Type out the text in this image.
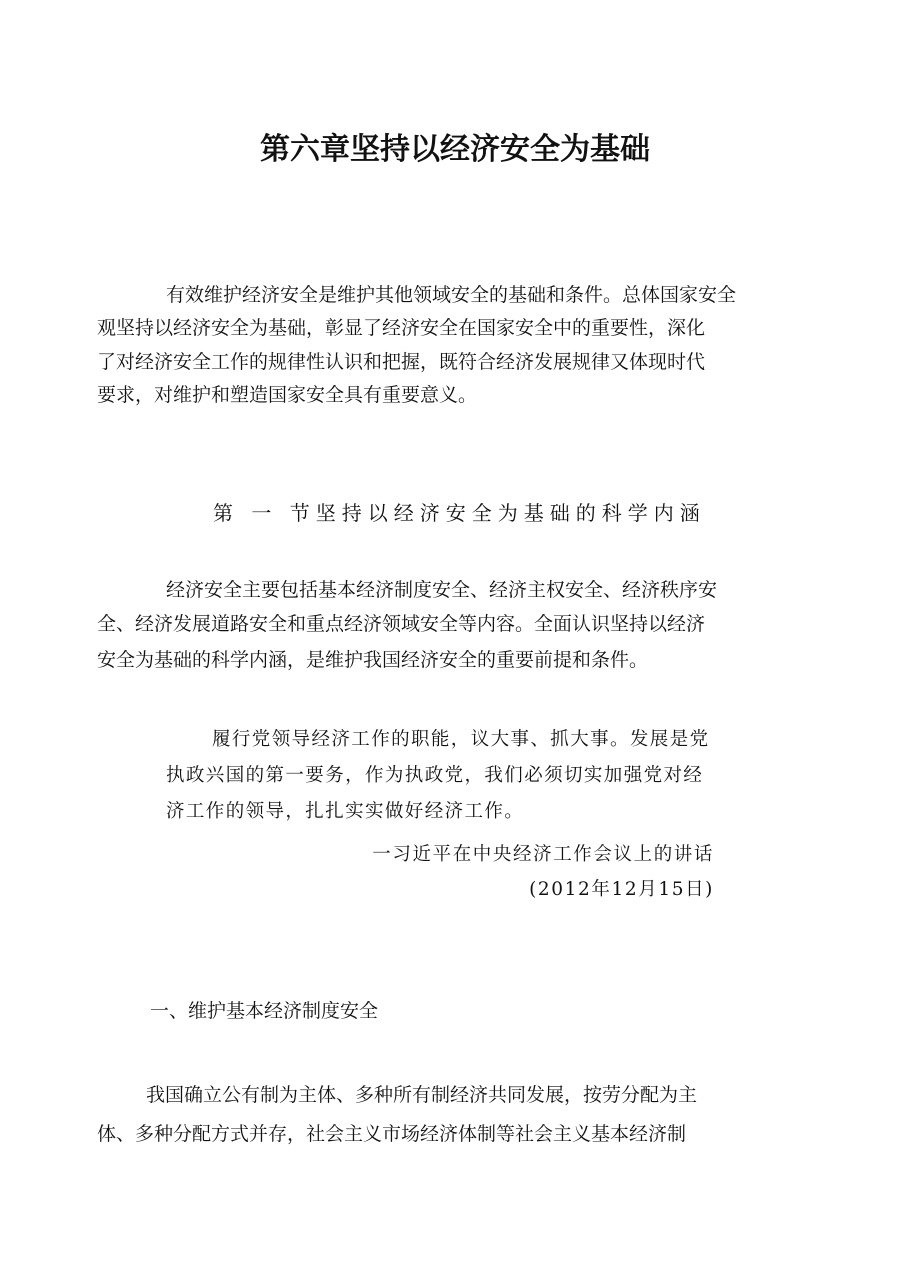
第六章坚持以经济安全为基础
有效维护经济安全是维护其他领域安全的基础和条件。总体国家安全
观坚持以经济安全为基础，彰显了经济安全在国家安全中的重要性，深化
了对经济安全工作的规律性认识和把握，既符合经济发展规律又体现时代
要求，对维护和塑造国家安全具有重要意义。
第 一 节坚持以经济安全为基础的科学内涵
经济安全主要包括基本经济制度安全、经济主权安全、经济秩序安
全、经济发展道路安全和重点经济领域安全等内容。全面认识坚持以经济
安全为基础的科学内涵，是维护我国经济安全的重要前提和条件。
履行党领导经济工作的职能，议大事、抓大事。发展是党
执政兴国的第一要务，作为执政党，我们必须切实加强党对经
济工作的领导，扎扎实实做好经济工作。
一习近平在中央经济工作会议上的讲话
(2012年12月15日)
一、维护基本经济制度安全
我国确立公有制为主体、多种所有制经济共同发展，按劳分配为主
体、多种分配方式并存，社会主义市场经济体制等社会主义基本经济制
